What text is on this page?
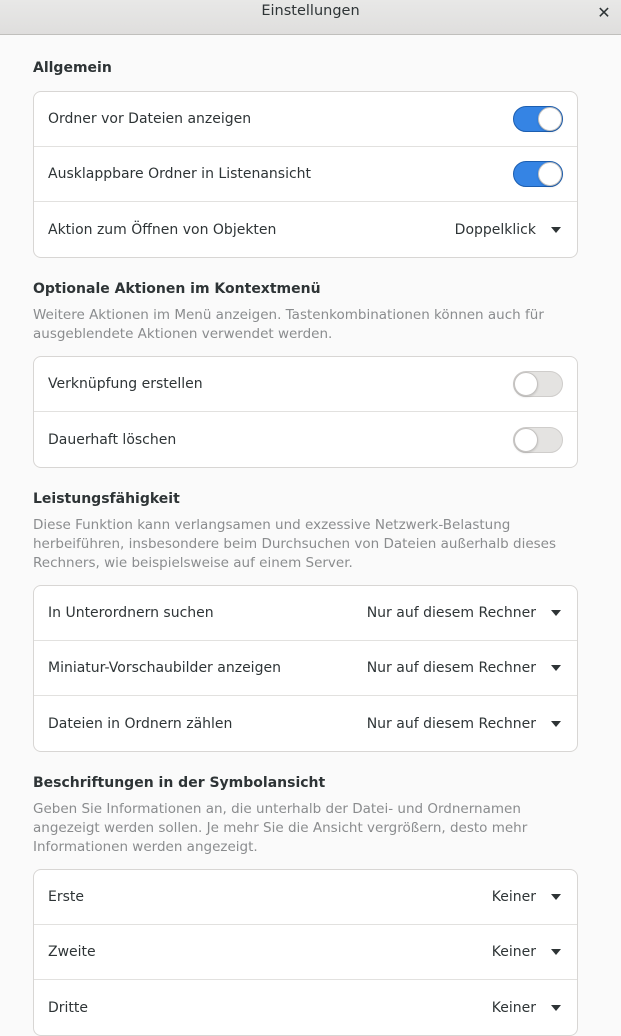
Einstellungen	✕
Allgemein
Ordner vor Dateien anzeigen
Ausklappbare Ordner in Listenansicht
Aktion zum Öffnen von Objekten	Doppelklick
Optionale Aktionen im Kontextmenü
Weitere Aktionen im Menü anzeigen. Tastenkombinationen können auch für ausgeblendete Aktionen verwendet werden.
Verknüpfung erstellen
Dauerhaft löschen
Leistungsfähigkeit
Diese Funktion kann verlangsamen und exzessive Netzwerk-Belastung herbeiführen, insbesondere beim Durchsuchen von Dateien außerhalb dieses Rechners, wie beispielsweise auf einem Server.
In Unterordnern suchen	Nur auf diesem Rechner
Miniatur-Vorschaubilder anzeigen	Nur auf diesem Rechner
Dateien in Ordnern zählen	Nur auf diesem Rechner
Beschriftungen in der Symbolansicht
Geben Sie Informationen an, die unterhalb der Datei- und Ordnernamen angezeigt werden sollen. Je mehr Sie die Ansicht vergrößern, desto mehr Informationen werden angezeigt.
Erste	Keiner
Zweite	Keiner
Dritte	Keiner
